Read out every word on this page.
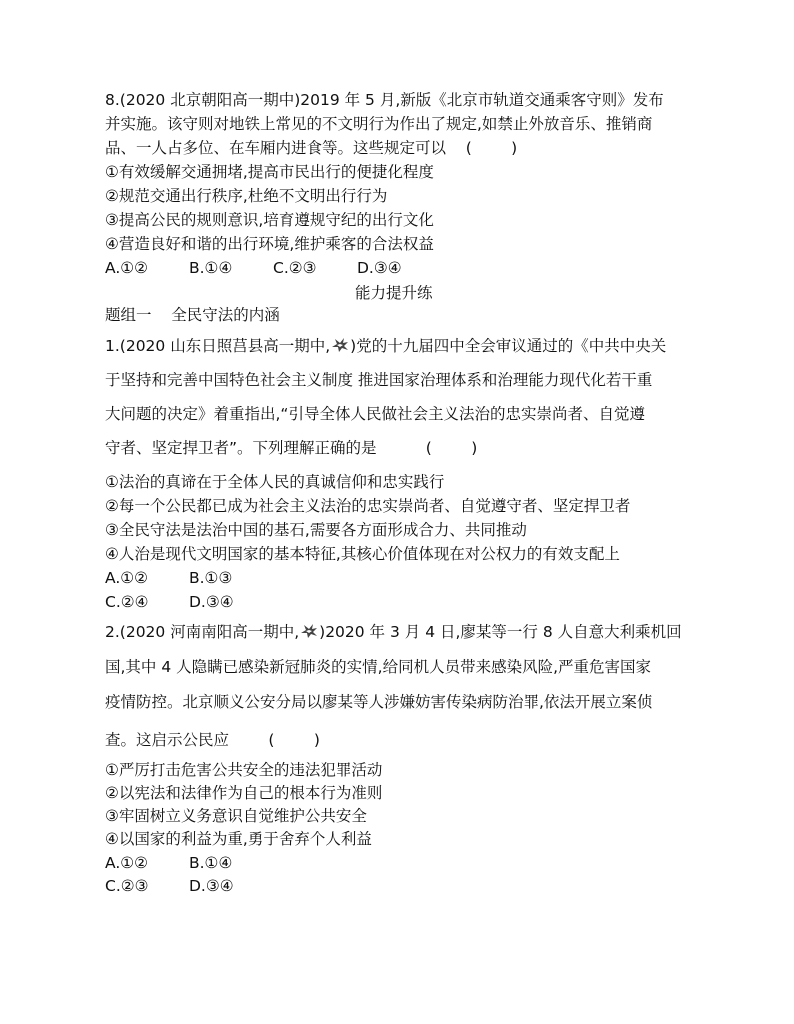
8.(2020 北京朝阳高一期中)2019 年 5 月,新版《北京市轨道交通乘客守则》发布
并实施。该守则对地铁上常见的不文明行为作出了规定,如禁止外放音乐、推销商
品、一人占多位、在车厢内进食等。这些规定可以    (        )
①有效缓解交通拥堵,提高市民出行的便捷化程度
②规范交通出行秩序,杜绝不文明出行行为
③提高公民的规则意识,培育遵规守纪的出行文化
④营造良好和谐的出行环境,维护乘客的合法权益
A.①②	B.①④	C.②③	D.③④
能力提升练
题组一    全民守法的内涵
1.(2020 山东日照莒县高一期中, )党的十九届四中全会审议通过的《中共中央关
于坚持和完善中国特色社会主义制度 推进国家治理体系和治理能力现代化若干重
大问题的决定》着重指出,“引导全体人民做社会主义法治的忠实崇尚者、自觉遵
守者、坚定捍卫者”。下列理解正确的是          (        )
①法治的真谛在于全体人民的真诚信仰和忠实践行
②每一个公民都已成为社会主义法治的忠实崇尚者、自觉遵守者、坚定捍卫者
③全民守法是法治中国的基石,需要各方面形成合力、共同推动
④人治是现代文明国家的基本特征,其核心价值体现在对公权力的有效支配上
A.①②	B.①③
C.②④	D.③④
2.(2020 河南南阳高一期中, )2020 年 3 月 4 日,廖某等一行 8 人自意大利乘机回
国,其中 4 人隐瞒已感染新冠肺炎的实情,给同机人员带来感染风险,严重危害国家
疫情防控。北京顺义公安分局以廖某等人涉嫌妨害传染病防治罪,依法开展立案侦
查。这启示公民应        (        )
①严厉打击危害公共安全的违法犯罪活动
②以宪法和法律作为自己的根本行为准则
③牢固树立义务意识自觉维护公共安全
④以国家的利益为重,勇于舍弃个人利益
A.①②	B.①④
C.②③	D.③④
